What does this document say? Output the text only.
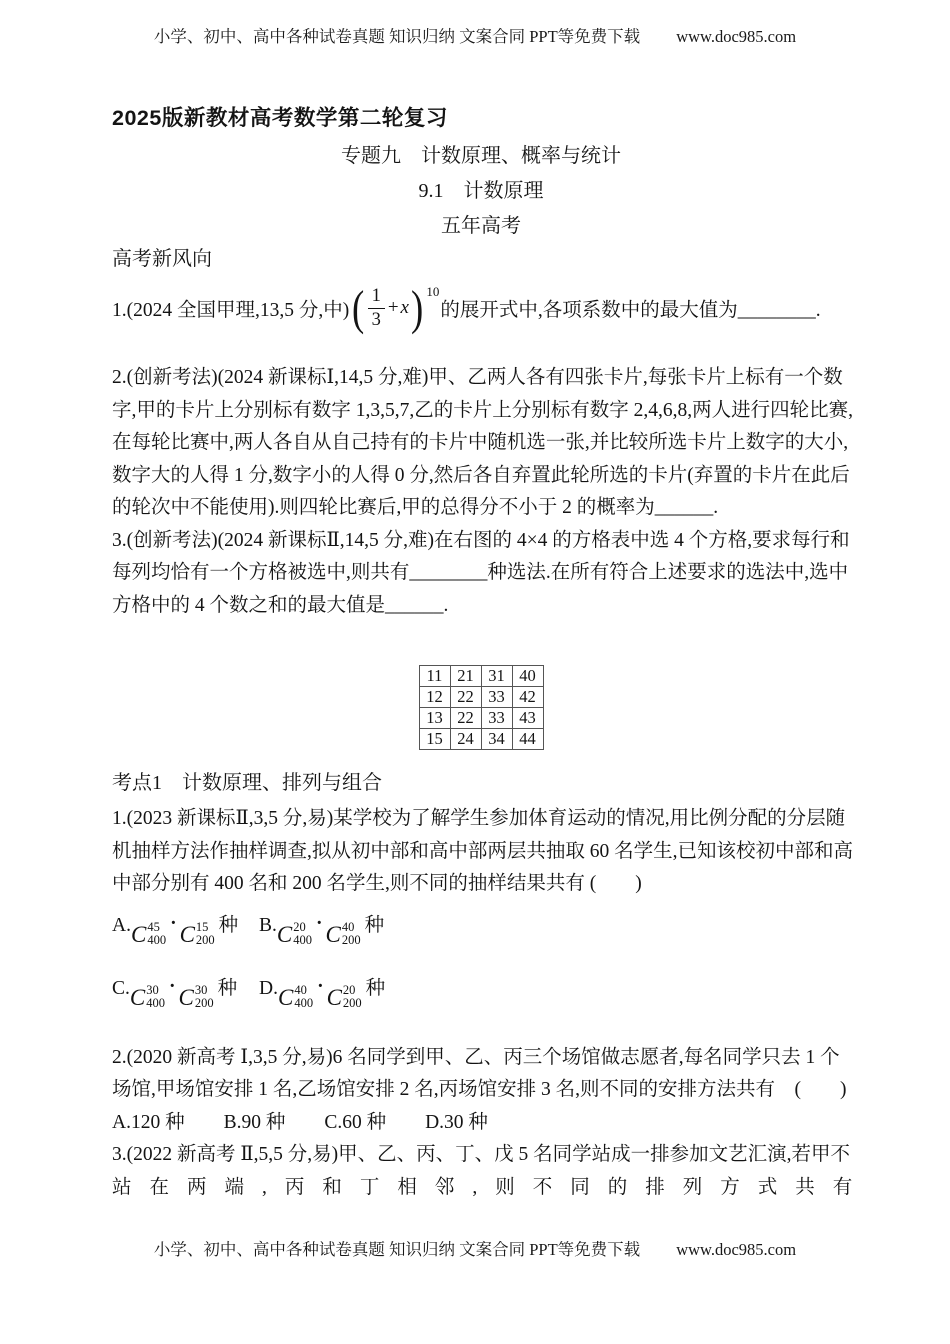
小学、初中、高中各种试卷真题 知识归纳 文案合同 PPT等免费下载 www.doc985.com
2025版新教材高考数学第二轮复习
专题九　计数原理、概率与统计
9.1　计数原理
五年高考
高考新风向
1.(2024 全国甲理,13,5 分,中) ( $\frac{1}{3} + x$ ) 10
的展开式中,各项系数中的最大值为________.
2.(创新考法)(2024 新课标Ⅰ,14,5 分,难)甲、乙两人各有四张卡片,每张卡片上标有一个数
字,甲的卡片上分别标有数字 1,3,5,7,乙的卡片上分别标有数字 2,4,6,8,两人进行四轮比赛,
在每轮比赛中,两人各自从自己持有的卡片中随机选一张,并比较所选卡片上数字的大小,
数字大的人得 1 分,数字小的人得 0 分,然后各自弃置此轮所选的卡片(弃置的卡片在此后
的轮次中不能使用).则四轮比赛后,甲的总得分不小于 2 的概率为______.
3.(创新考法)(2024 新课标Ⅱ,14,5 分,难)在右图的 4×4 的方格表中选 4 个方格,要求每行和
每列均恰有一个方格被选中,则共有________种选法.在所有符合上述要求的选法中,选中
方格中的 4 个数之和的最大值是______.
11	21	31	40
12	22	33	42
13	22	33	43
15	24	34	44
考点1　计数原理、排列与组合
1.(2023 新课标Ⅱ,3,5 分,易)某学校为了解学生参加体育运动的情况,用比例分配的分层随
机抽样方法作抽样调查,拟从初中部和高中部两层共抽取 60 名学生,已知该校初中部和高
中部分别有 400 名和 200 名学生,则不同的抽样结果共有 (　　)
A. C 45
400
· C 15
200
种 B. C 20
400
· C 40
200
种
C. C 30
400
· C 30
200
种 D. C 40
400
· C 20
200
种
2.(2020 新高考 Ⅰ,3,5 分,易)6 名同学到甲、乙、丙三个场馆做志愿者,每名同学只去 1 个
场馆,甲场馆安排 1 名,乙场馆安排 2 名,丙场馆安排 3 名,则不同的安排方法共有　(　　)
A.120 种　　B.90 种　　C.60 种　　D.30 种
3.(2022 新高考 Ⅱ,5,5 分,易)甲、乙、丙、丁、戊 5 名同学站成一排参加文艺汇演,若甲不
站在两端,丙和丁相邻,则不同的排列方式共有
小学、初中、高中各种试卷真题 知识归纳 文案合同 PPT等免费下载 www.doc985.com
